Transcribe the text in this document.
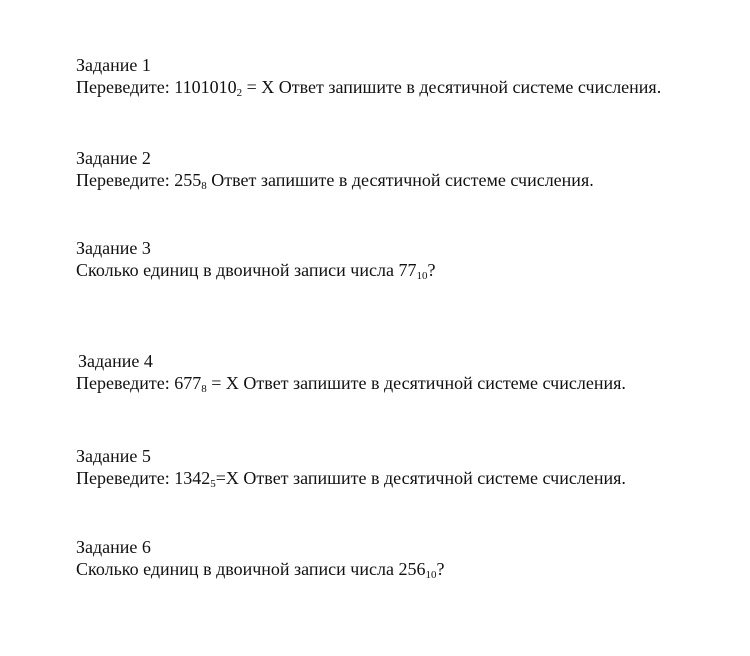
Задание 1
Переведите: $1101010_2 = X$ Ответ запишите в десятичной системе счисления.
Задание 2
Переведите: $255_8$ Ответ запишите в десятичной системе счисления.
Задание 3
Сколько единиц в двоичной записи числа $77_{10}$?
Задание 4
Переведите: $677_8 = X$ Ответ запишите в десятичной системе счисления.
Задание 5
Переведите: $1342_5=X$ Ответ запишите в десятичной системе счисления.
Задание 6
Сколько единиц в двоичной записи числа $256_{10}$?
